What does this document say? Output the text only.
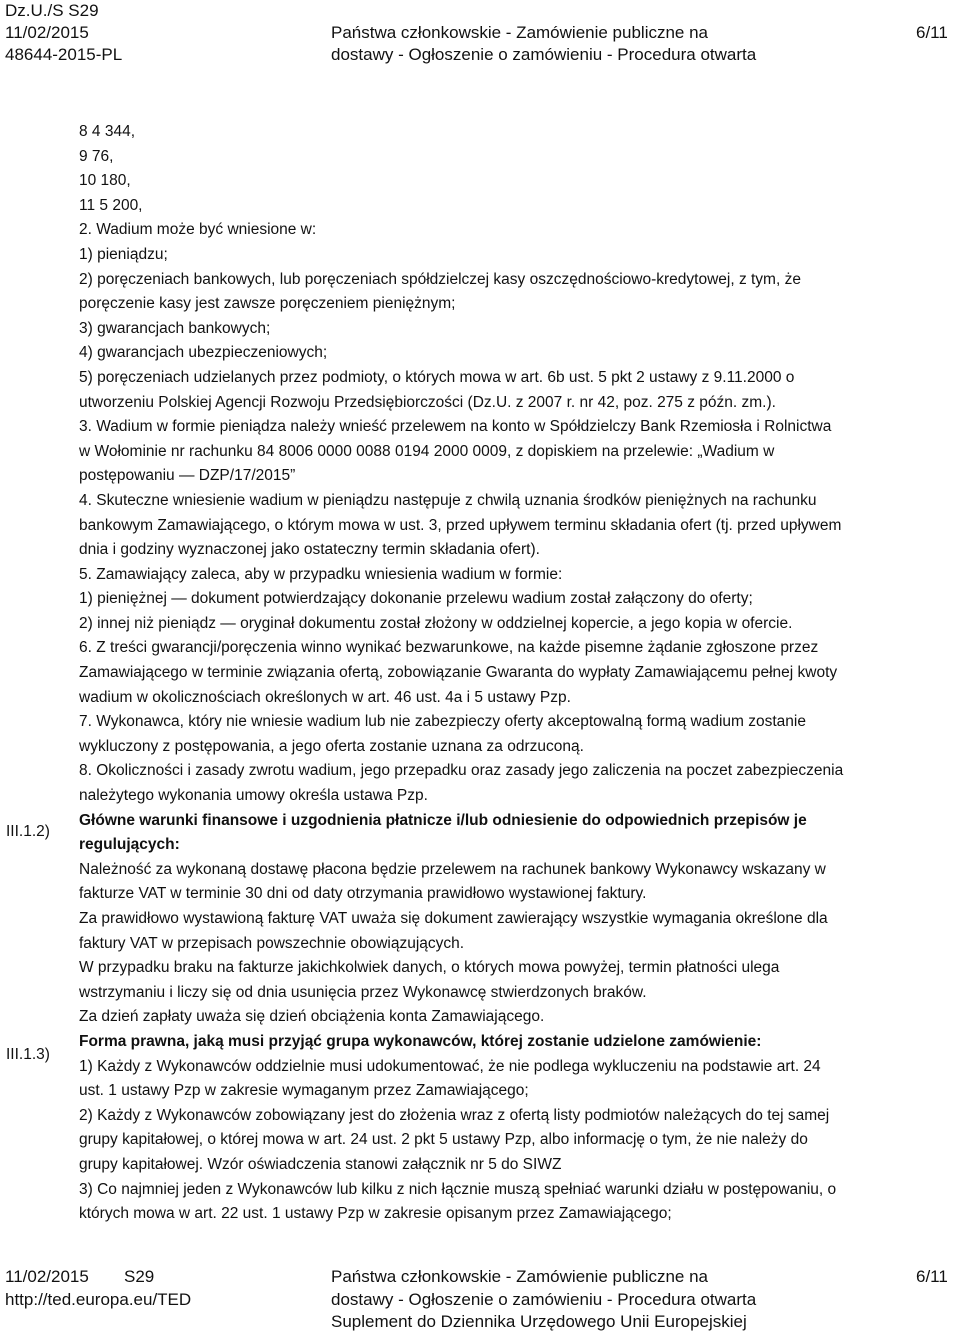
Dz.U./S S29
11/02/2015
48644-2015-PL
Państwa członkowskie - Zamówienie publiczne na
dostawy - Ogłoszenie o zamówieniu - Procedura otwarta
6/11
III.1.2)
III.1.3)

8 4 344,

9 76,

10 180,

11 5 200,

2. Wadium może być wniesione w:

1) pieniądzu;

2) poręczeniach bankowych, lub poręczeniach spółdzielczej kasy oszczędnościowo-kredytowej, z tym, że

poręczenie kasy jest zawsze poręczeniem pieniężnym;

3) gwarancjach bankowych;

4) gwarancjach ubezpieczeniowych;

5) poręczeniach udzielanych przez podmioty, o których mowa w art. 6b ust. 5 pkt 2 ustawy z 9.11.2000 o

utworzeniu Polskiej Agencji Rozwoju Przedsiębiorczości (Dz.U. z 2007 r. nr 42, poz. 275 z późn. zm.).

3. Wadium w formie pieniądza należy wnieść przelewem na konto w Spółdzielczy Bank Rzemiosła i Rolnictwa

w Wołominie nr rachunku 84 8006 0000 0088 0194 2000 0009, z dopiskiem na przelewie: „Wadium w

postępowaniu — DZP/17/2015”

4. Skuteczne wniesienie wadium w pieniądzu następuje z chwilą uznania środków pieniężnych na rachunku

bankowym Zamawiającego, o którym mowa w ust. 3, przed upływem terminu składania ofert (tj. przed upływem

dnia i godziny wyznaczonej jako ostateczny termin składania ofert).

5. Zamawiający zaleca, aby w przypadku wniesienia wadium w formie:

1) pieniężnej — dokument potwierdzający dokonanie przelewu wadium został załączony do oferty;

2) innej niż pieniądz — oryginał dokumentu został złożony w oddzielnej kopercie, a jego kopia w ofercie.

6. Z treści gwarancji/poręczenia winno wynikać bezwarunkowe, na każde pisemne żądanie zgłoszone przez

Zamawiającego w terminie związania ofertą, zobowiązanie Gwaranta do wypłaty Zamawiającemu pełnej kwoty

wadium w okolicznościach określonych w art. 46 ust. 4a i 5 ustawy Pzp.

7. Wykonawca, który nie wniesie wadium lub nie zabezpieczy oferty akceptowalną formą wadium zostanie

wykluczony z postępowania, a jego oferta zostanie uznana za odrzuconą.

8. Okoliczności i zasady zwrotu wadium, jego przepadku oraz zasady jego zaliczenia na poczet zabezpieczenia

należytego wykonania umowy określa ustawa Pzp.

Główne warunki finansowe i uzgodnienia płatnicze i/lub odniesienie do odpowiednich przepisów je

regulujących:

Należność za wykonaną dostawę płacona będzie przelewem na rachunek bankowy Wykonawcy wskazany w

fakturze VAT w terminie 30 dni od daty otrzymania prawidłowo wystawionej faktury.

Za prawidłowo wystawioną fakturę VAT uważa się dokument zawierający wszystkie wymagania określone dla

faktury VAT w przepisach powszechnie obowiązujących.

W przypadku braku na fakturze jakichkolwiek danych, o których mowa powyżej, termin płatności ulega

wstrzymaniu i liczy się od dnia usunięcia przez Wykonawcę stwierdzonych braków.

Za dzień zapłaty uważa się dzień obciążenia konta Zamawiającego.

Forma prawna, jaką musi przyjąć grupa wykonawców, której zostanie udzielone zamówienie:

1) Każdy z Wykonawców oddzielnie musi udokumentować, że nie podlega wykluczeniu na podstawie art. 24

ust. 1 ustawy Pzp w zakresie wymaganym przez Zamawiającego;

2) Każdy z Wykonawców zobowiązany jest do złożenia wraz z ofertą listy podmiotów należących do tej samej

grupy kapitałowej, o której mowa w art. 24 ust. 2 pkt 5 ustawy Pzp, albo informację o tym, że nie należy do

grupy kapitałowej. Wzór oświadczenia stanowi załącznik nr 5 do SIWZ

3) Co najmniej jeden z Wykonawców lub kilku z nich łącznie muszą spełniać warunki działu w postępowaniu, o

których mowa w art. 22 ust. 1 ustawy Pzp w zakresie opisanym przez Zamawiającego;

11/02/2015 S29
http://ted.europa.eu/TED
Państwa członkowskie - Zamówienie publiczne na
dostawy - Ogłoszenie o zamówieniu - Procedura otwarta
Suplement do Dziennika Urzędowego Unii Europejskiej
6/11
